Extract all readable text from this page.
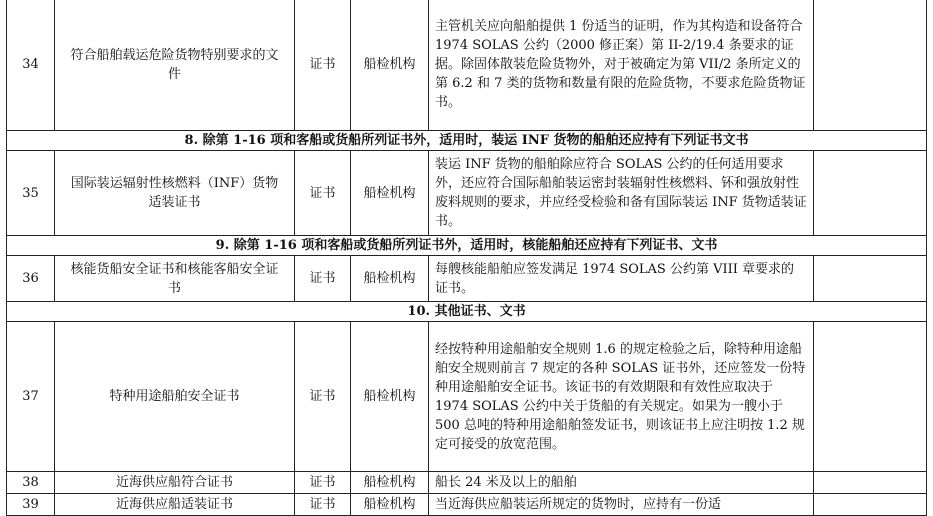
34	符合船舶载运危险货物特别要求的文件	证书	船检机构	主管机关应向船舶提供 1 份适当的证明，作为其构造和设备符合 1974 SOLAS 公约（2000 修正案）第 II-2/19.4 条要求的证据。除固体散装危险货物外，对于被确定为第 VII/2 条所定义的第 6.2 和 7 类的货物和数量有限的危险货物，不要求危险货物证书。	
8. 除第 1-16 项和客船或货船所列证书外，适用时，装运 INF 货物的船舶还应持有下列证书文书					
35	国际装运辐射性核燃料（INF）货物适装证书	证书	船检机构	装运 INF 货物的船舶除应符合 SOLAS 公约的任何适用要求外，还应符合国际船舶装运密封装辐射性核燃料、钚和强放射性废料规则的要求，并应经受检验和备有国际装运 INF 货物适装证书。	
9. 除第 1-16 项和客船或货船所列证书外，适用时，核能船舶还应持有下列证书、文书					
36	核能货船安全证书和核能客船安全证书	证书	船检机构	每艘核能船舶应签发满足 1974 SOLAS 公约第 VIII 章要求的证书。	
10. 其他证书、文书					
37	特种用途船舶安全证书	证书	船检机构	经按特种用途船舶安全规则 1.6 的规定检验之后，除特种用途船舶安全规则前言 7 规定的各种 SOLAS 证书外，还应签发一份特种用途船舶安全证书。该证书的有效期限和有效性应取决于 1974 SOLAS 公约中关于货船的有关规定。如果为一艘小于 500 总吨的特种用途船舶签发证书，则该证书上应注明按 1.2 规定可接受的放宽范围。	
38	近海供应船符合证书	证书	船检机构	船长 24 米及以上的船舶	
39	近海供应船适装证书	证书	船检机构	当近海供应船装运所规定的货物时，应持有一份适	
